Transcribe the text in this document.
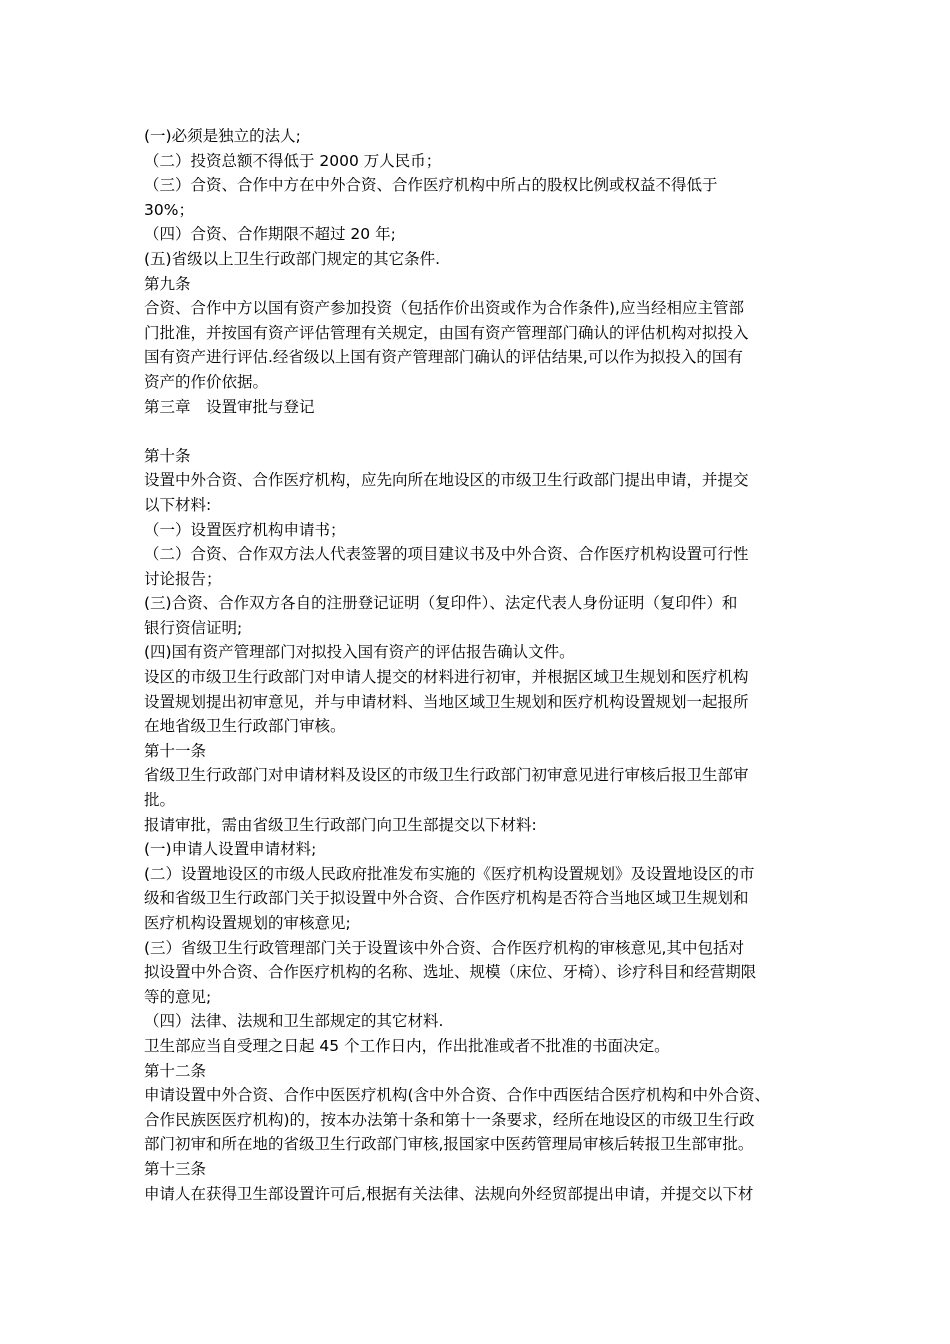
(一)必须是独立的法人;
（二）投资总额不得低于 2000 万人民币；
（三）合资、合作中方在中外合资、合作医疗机构中所占的股权比例或权益不得低于
30%；
（四）合资、合作期限不超过 20 年;
(五)省级以上卫生行政部门规定的其它条件.
第九条
合资、合作中方以国有资产参加投资（包括作价出资或作为合作条件),应当经相应主管部
门批准，并按国有资产评估管理有关规定，由国有资产管理部门确认的评估机构对拟投入
国有资产进行评估.经省级以上国有资产管理部门确认的评估结果,可以作为拟投入的国有
资产的作价依据。
第三章　设置审批与登记
第十条
设置中外合资、合作医疗机构，应先向所在地设区的市级卫生行政部门提出申请，并提交
以下材料:
（一）设置医疗机构申请书；
（二）合资、合作双方法人代表签署的项目建议书及中外合资、合作医疗机构设置可行性
讨论报告；
(三)合资、合作双方各自的注册登记证明（复印件）、法定代表人身份证明（复印件）和
银行资信证明;
(四)国有资产管理部门对拟投入国有资产的评估报告确认文件。
设区的市级卫生行政部门对申请人提交的材料进行初审，并根据区域卫生规划和医疗机构
设置规划提出初审意见，并与申请材料、当地区域卫生规划和医疗机构设置规划一起报所
在地省级卫生行政部门审核。
第十一条
省级卫生行政部门对申请材料及设区的市级卫生行政部门初审意见进行审核后报卫生部审
批。
报请审批，需由省级卫生行政部门向卫生部提交以下材料:
(一)申请人设置申请材料;
(二）设置地设区的市级人民政府批准发布实施的《医疗机构设置规划》及设置地设区的市
级和省级卫生行政部门关于拟设置中外合资、合作医疗机构是否符合当地区域卫生规划和
医疗机构设置规划的审核意见;
(三）省级卫生行政管理部门关于设置该中外合资、合作医疗机构的审核意见,其中包括对
拟设置中外合资、合作医疗机构的名称、选址、规模（床位、牙椅）、诊疗科目和经营期限
等的意见;
（四）法律、法规和卫生部规定的其它材料.
卫生部应当自受理之日起 45 个工作日内，作出批准或者不批准的书面决定。
第十二条
申请设置中外合资、合作中医医疗机构(含中外合资、合作中西医结合医疗机构和中外合资、
合作民族医医疗机构)的，按本办法第十条和第十一条要求，经所在地设区的市级卫生行政
部门初审和所在地的省级卫生行政部门审核,报国家中医药管理局审核后转报卫生部审批。
第十三条
申请人在获得卫生部设置许可后,根据有关法律、法规向外经贸部提出申请，并提交以下材
